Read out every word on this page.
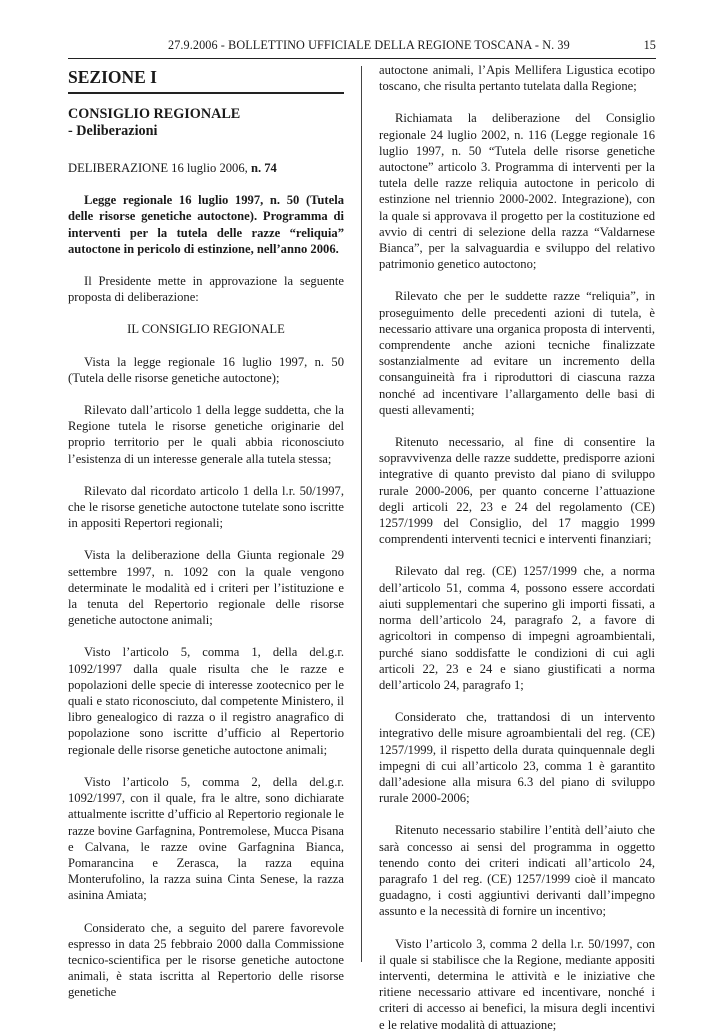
27.9.2006 - BOLLETTINO UFFICIALE DELLA REGIONE TOSCANA - N. 39	15
SEZIONE I
CONSIGLIO REGIONALE
- Deliberazioni
DELIBERAZIONE 16 luglio 2006, n. 74

Legge regionale 16 luglio 1997, n. 50 (Tutela delle risorse genetiche autoctone). Programma di interventi per la tutela delle razze “reliquia” autoctone in pericolo di estinzione, nell’anno 2006.

Il Presidente mette in approvazione la seguente proposta di deliberazione:

IL CONSIGLIO REGIONALE

Vista la legge regionale 16 luglio 1997, n. 50 (Tutela delle risorse genetiche autoctone);

Rilevato dall’articolo 1 della legge suddetta, che la Regione tutela le risorse genetiche originarie del proprio territorio per le quali abbia riconosciuto l’esistenza di un interesse generale alla tutela stessa;

Rilevato dal ricordato articolo 1 della l.r. 50/1997, che le risorse genetiche autoctone tutelate sono iscritte in appositi Repertori regionali;

Vista la deliberazione della Giunta regionale 29 settembre 1997, n. 1092 con la quale vengono determinate le modalità ed i criteri per l’istituzione e la tenuta del Repertorio regionale delle risorse genetiche autoctone animali;

Visto l’articolo 5, comma 1, della del.g.r. 1092/1997 dalla quale risulta che le razze e popolazioni delle specie di interesse zootecnico per le quali e stato riconosciuto, dal competente Ministero, il libro genealogico di razza o il registro anagrafico di popolazione sono iscritte d’ufficio al Repertorio regionale delle risorse genetiche autoctone animali;

Visto l’articolo 5, comma 2, della del.g.r. 1092/1997, con il quale, fra le altre, sono dichiarate attualmente iscritte d’ufficio al Repertorio regionale le razze bovine Garfagnina, Pontremolese, Mucca Pisana e Calvana, le razze ovine Garfagnina Bianca, Pomarancina e Zerasca, la razza equina Monterufolino, la razza suina Cinta Senese, la razza asinina Amiata;

Considerato che, a seguito del parere favorevole espresso in data 25 febbraio 2000 dalla Commissione tecnico-scientifica per le risorse genetiche autoctone animali, è stata iscritta al Repertorio delle risorse genetiche

autoctone animali, l’Apis Mellifera Ligustica ecotipo toscano, che risulta pertanto tutelata dalla Regione;

Richiamata la deliberazione del Consiglio regionale 24 luglio 2002, n. 116 (Legge regionale 16 luglio 1997, n. 50 “Tutela delle risorse genetiche autoctone” articolo 3. Programma di interventi per la tutela delle razze reliquia autoctone in pericolo di estinzione nel triennio 2000-2002. Integrazione), con la quale si approvava il progetto per la costituzione ed avvio di centri di selezione della razza “Valdarnese Bianca”, per la salvaguardia e sviluppo del relativo patrimonio genetico autoctono;

Rilevato che per le suddette razze “reliquia”, in proseguimento delle precedenti azioni di tutela, è necessario attivare una organica proposta di interventi, comprendente anche azioni tecniche finalizzate sostanzialmente ad evitare un incremento della consanguineità fra i riproduttori di ciascuna razza nonché ad incentivare l’allargamento delle basi di questi allevamenti;

Ritenuto necessario, al fine di consentire la sopravvivenza delle razze suddette, predisporre azioni integrative di quanto previsto dal piano di sviluppo rurale 2000-2006, per quanto concerne l’attuazione degli articoli 22, 23 e 24 del regolamento (CE) 1257/1999 del Consiglio, del 17 maggio 1999 comprendenti interventi tecnici e interventi finanziari;

Rilevato dal reg. (CE) 1257/1999 che, a norma dell’articolo 51, comma 4, possono essere accordati aiuti supplementari che superino gli importi fissati, a norma dell’articolo 24, paragrafo 2, a favore di agricoltori in compenso di impegni agroambientali, purché siano soddisfatte le condizioni di cui agli articoli 22, 23 e 24 e siano giustificati a norma dell’articolo 24, paragrafo 1;

Considerato che, trattandosi di un intervento integrativo delle misure agroambientali del reg. (CE) 1257/1999, il rispetto della durata quinquennale degli impegni di cui all’articolo 23, comma 1 è garantito dall’adesione alla misura 6.3 del piano di sviluppo rurale 2000-2006;

Ritenuto necessario stabilire l’entità dell’aiuto che sarà concesso ai sensi del programma in oggetto tenendo conto dei criteri indicati all’articolo 24, paragrafo 1 del reg. (CE) 1257/1999 cioè il mancato guadagno, i costi aggiuntivi derivanti dall’impegno assunto e la necessità di fornire un incentivo;

Visto l’articolo 3, comma 2 della l.r. 50/1997, con il quale si stabilisce che la Regione, mediante appositi interventi, determina le attività e le iniziative che ritiene necessario attivare ed incentivare, nonché i criteri di accesso ai benefici, la misura degli incentivi e le relative modalità di attuazione;
